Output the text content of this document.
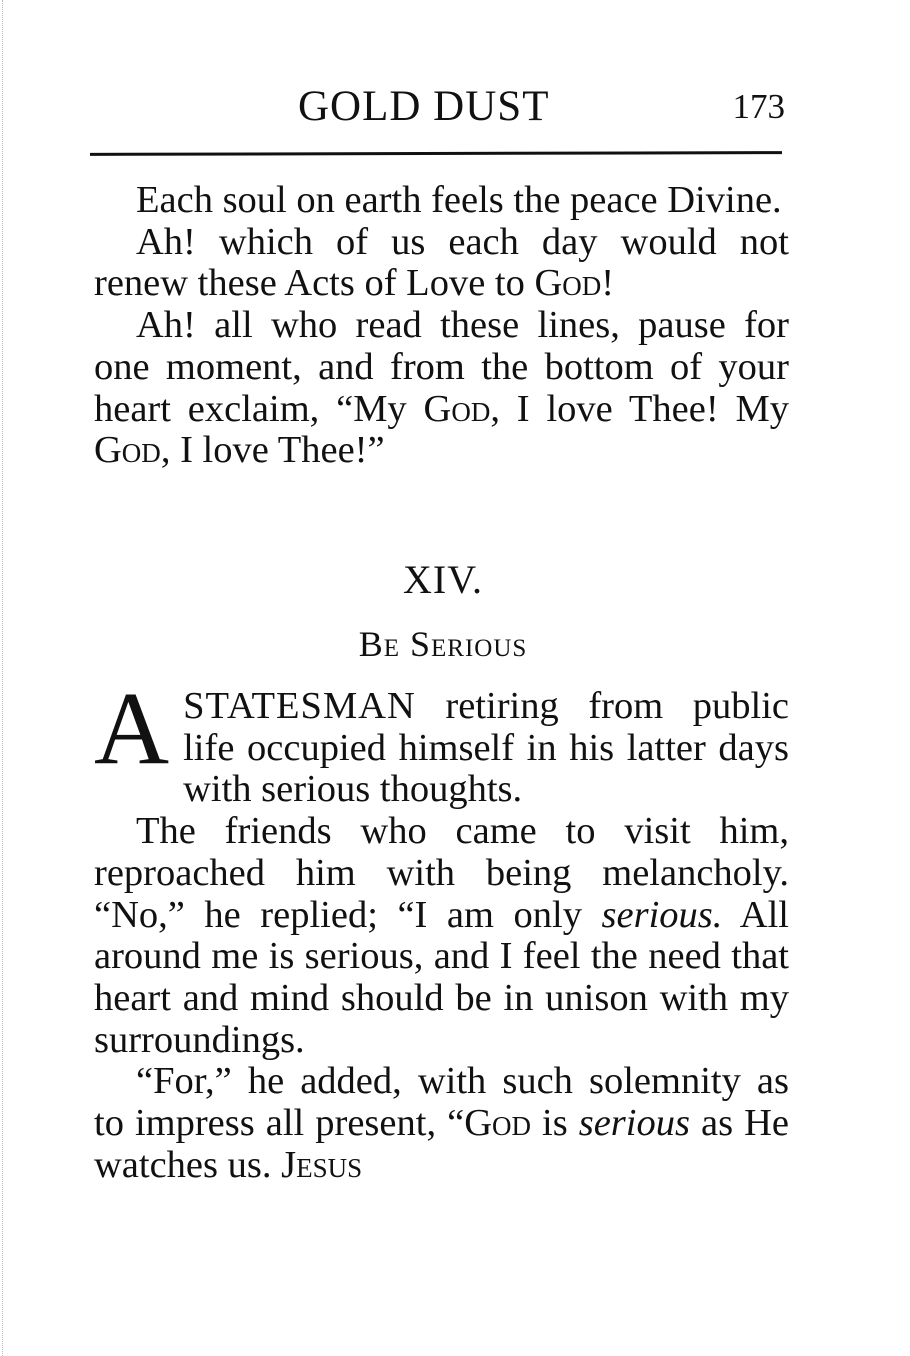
GOLD DUST	173

Each soul on earth feels the peace Divine.

Ah! which of us each day would not renew these Acts of Love to God!

Ah! all who read these lines, pause for one moment, and from the bottom of your heart exclaim, “My God, I love Thee! My God, I love Thee!”

XIV.
Be Serious

ASTATESMAN retiring from public life occupied himself in his latter days with serious thoughts.

The friends who came to visit him, reproached him with being melancholy. “No,” he replied; “I am only serious. All around me is serious, and I feel the need that heart and mind should be in unison with my surroundings.

“For,” he added, with such solemnity as to impress all present, “God is serious as He watches us. Jesus
